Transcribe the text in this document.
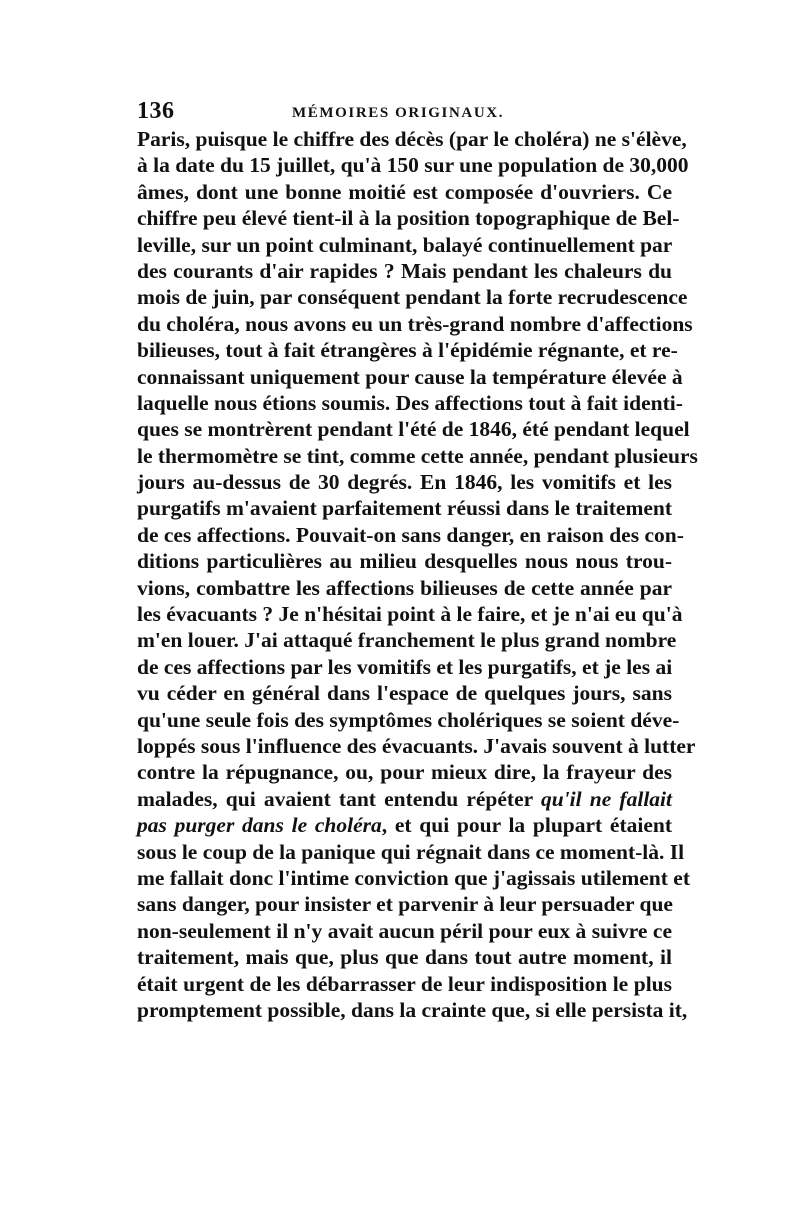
136	MÉMOIRES ORIGINAUX.
Paris, puisque le chiffre des décès (par le choléra) ne s'élève,
à la date du 15 juillet, qu'à 150 sur une population de 30,000
âmes, dont une bonne moitié est composée d'ouvriers. Ce
chiffre peu élevé tient-il à la position topographique de Bel-
leville, sur un point culminant, balayé continuellement par
des courants d'air rapides ? Mais pendant les chaleurs du
mois de juin, par conséquent pendant la forte recrudescence
du choléra, nous avons eu un très-grand nombre d'affections
bilieuses, tout à fait étrangères à l'épidémie régnante, et re-
connaissant uniquement pour cause la température élevée à
laquelle nous étions soumis. Des affections tout à fait identi-
ques se montrèrent pendant l'été de 1846, été pendant lequel
le thermomètre se tint, comme cette année, pendant plusieurs
jours au-dessus de 30 degrés. En 1846, les vomitifs et les
purgatifs m'avaient parfaitement réussi dans le traitement
de ces affections. Pouvait-on sans danger, en raison des con-
ditions particulières au milieu desquelles nous nous trou-
vions, combattre les affections bilieuses de cette année par
les évacuants ? Je n'hésitai point à le faire, et je n'ai eu qu'à
m'en louer. J'ai attaqué franchement le plus grand nombre
de ces affections par les vomitifs et les purgatifs, et je les ai
vu céder en général dans l'espace de quelques jours, sans
qu'une seule fois des symptômes cholériques se soient déve-
loppés sous l'influence des évacuants. J'avais souvent à lutter
contre la répugnance, ou, pour mieux dire, la frayeur des
malades, qui avaient tant entendu répéter qu'il ne fallait
pas purger dans le choléra, et qui pour la plupart étaient
sous le coup de la panique qui régnait dans ce moment-là. Il
me fallait donc l'intime conviction que j'agissais utilement et
sans danger, pour insister et parvenir à leur persuader que
non-seulement il n'y avait aucun péril pour eux à suivre ce
traitement, mais que, plus que dans tout autre moment, il
était urgent de les débarrasser de leur indisposition le plus
promptement possible, dans la crainte que, si elle persista it,
